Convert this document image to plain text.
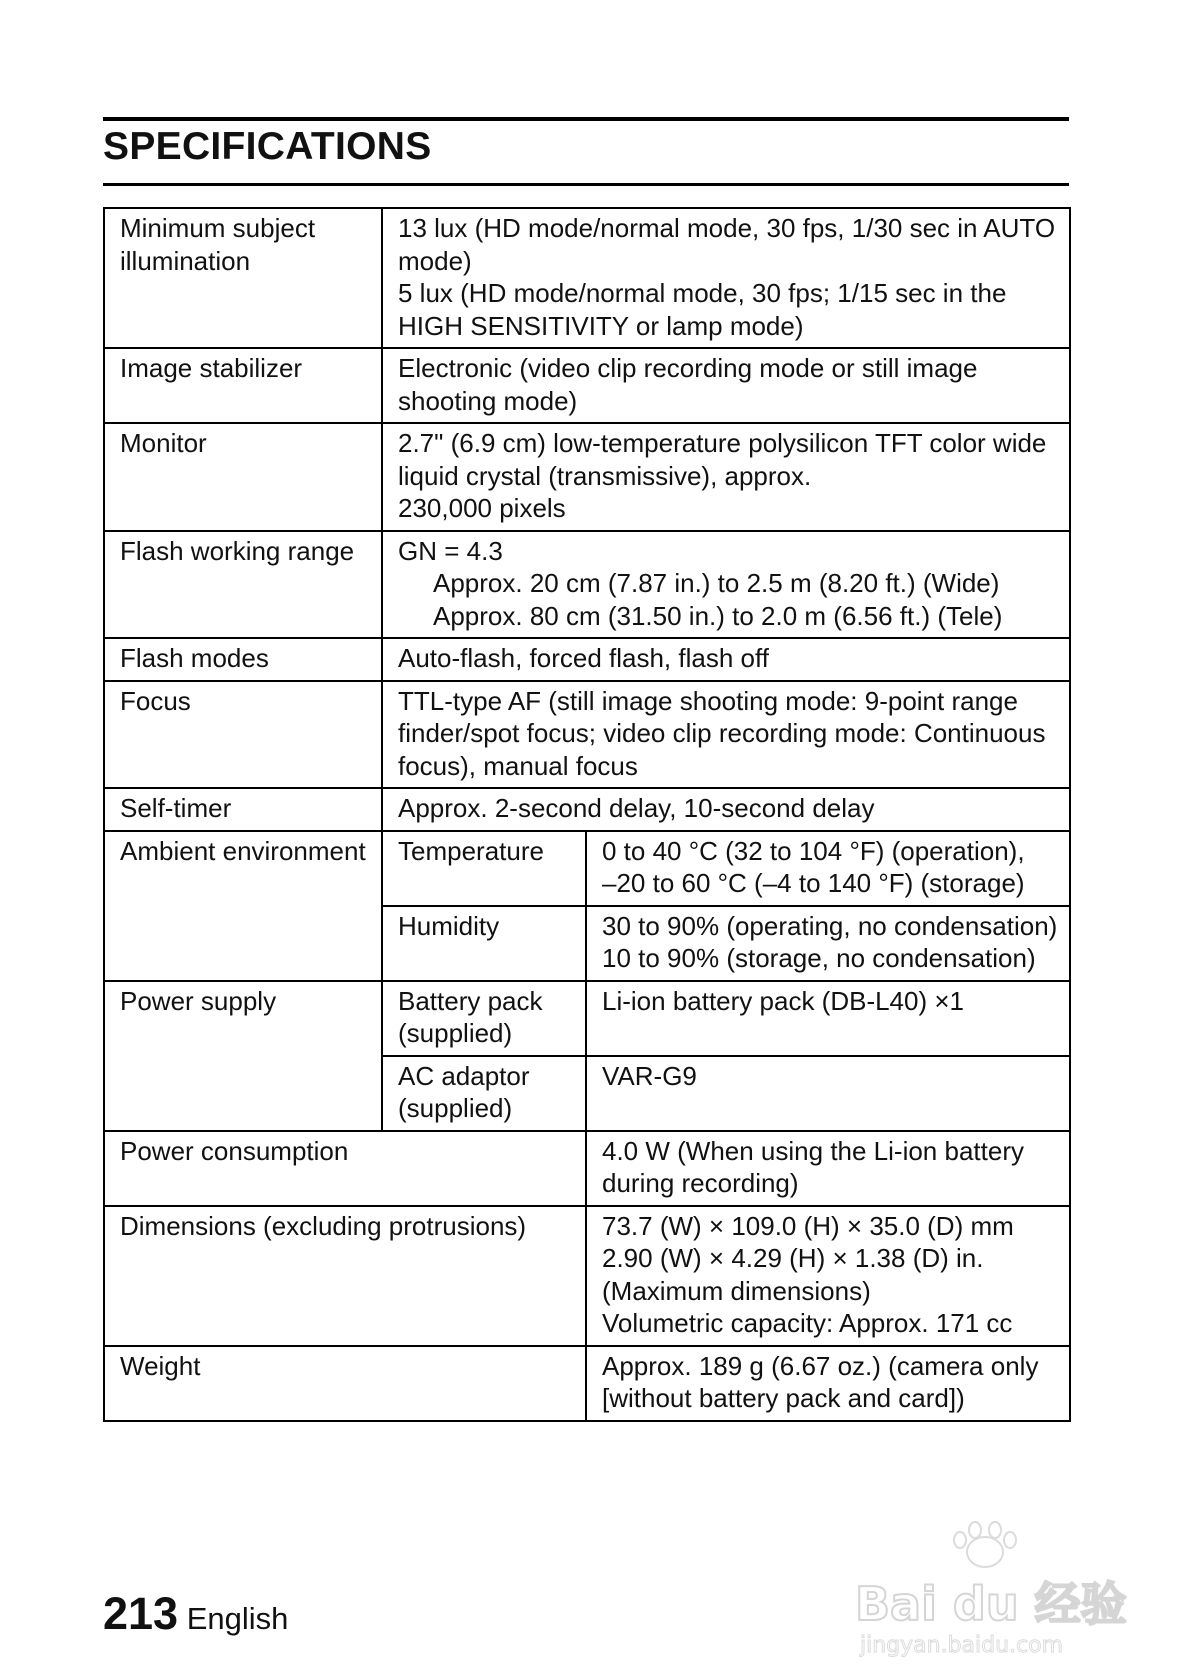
SPECIFICATIONS
Minimum subject illumination	13 lux (HD mode/normal mode, 30 fps, 1/30 sec in AUTO mode)
5 lux (HD mode/normal mode, 30 fps; 1/15 sec in the HIGH SENSITIVITY or lamp mode)	

Image stabilizer	Electronic (video clip recording mode or still image shooting mode)	
Monitor	2.7" (6.9 cm) low-temperature polysilicon TFT color wide liquid crystal (transmissive), approx.
230,000 pixels	

Flash working range	GN = 4.3
Approx. 20 cm (7.87 in.) to 2.5 m (8.20 ft.) (Wide)
Approx. 80 cm (31.50 in.) to 2.0 m (6.56 ft.) (Tele)	

Flash modes	Auto-flash, forced flash, flash off	
Focus	TTL-type AF (still image shooting mode: 9-point range finder/spot focus; video clip recording mode: Continuous focus), manual focus	
Self-timer	Approx. 2-second delay, 10-second delay	
Ambient environment	Temperature	0 to 40 °C (32 to 104 °F) (operation),
–20 to 60 °C (–4 to 140 °F) (storage)

	Humidity	30 to 90% (operating, no condensation)
10 to 90% (storage, no condensation)

Power supply	Battery pack (supplied)	Li-ion battery pack (DB-L40) ×1
	AC adaptor (supplied)	VAR-G9
Power consumption		4.0 W (When using the Li-ion battery during recording)
Dimensions (excluding protrusions)		73.7 (W) × 109.0 (H) × 35.0 (D) mm
2.90 (W) × 4.29 (H) × 1.38 (D) in.
(Maximum dimensions)
Volumetric capacity: Approx. 171 cc

Weight		Approx. 189 g (6.67 oz.) (camera only [without battery pack and card])
213 English	Bai du 经验
jingyan.baidu.com
